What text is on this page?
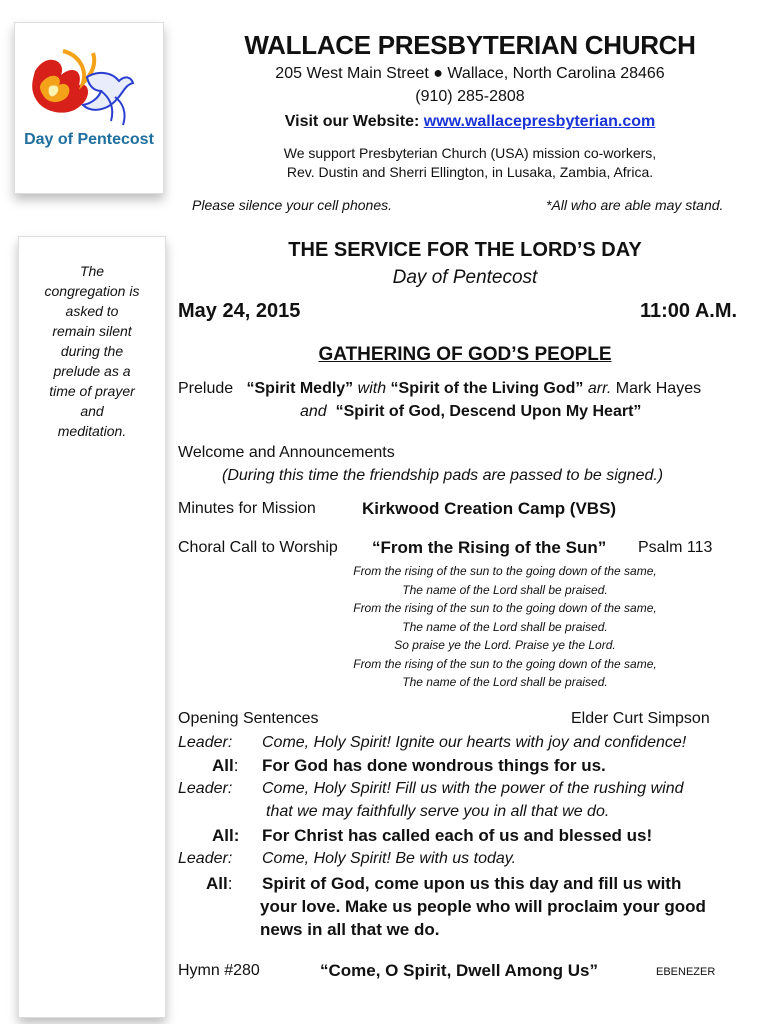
Day of Pentecost
The
congregation is
asked to
remain silent
during the
prelude as a
time of prayer
and
meditation.
WALLACE PRESBYTERIAN CHURCH
205 West Main Street ● Wallace, North Carolina 28466
(910) 285-2808
Visit our Website: www.wallacepresbyterian.com
We support Presbyterian Church (USA) mission co-workers,
Rev. Dustin and Sherri Ellington, in Lusaka, Zambia, Africa.
Please silence your cell phones.	*All who are able may stand.
THE SERVICE FOR THE LORD’S DAY
Day of Pentecost
May 24, 2015	11:00 A.M.
GATHERING OF GOD’S PEOPLE
Prelude “Spirit Medly” with “Spirit of the Living God” arr. Mark Hayes
and “Spirit of God, Descend Upon My Heart”
Welcome and Announcements
(During this time the friendship pads are passed to be signed.)
Minutes for Mission	Kirkwood Creation Camp (VBS)
Choral Call to Worship “From the Rising of the Sun” Psalm 113
From the rising of the sun to the going down of the same,
The name of the Lord shall be praised.
From the rising of the sun to the going down of the same,
The name of the Lord shall be praised.
So praise ye the Lord. Praise ye the Lord.
From the rising of the sun to the going down of the same,
The name of the Lord shall be praised.
Opening Sentences	Elder Curt Simpson
Leader: Come, Holy Spirit! Ignite our hearts with joy and confidence!
All: For God has done wondrous things for us.
Leader: Come, Holy Spirit! Fill us with the power of the rushing wind
that we may faithfully serve you in all that we do.
All: For Christ has called each of us and blessed us!
Leader: Come, Holy Spirit! Be with us today.
All: Spirit of God, come upon us this day and fill us with
your love. Make us people who will proclaim your good
news in all that we do.
Hymn #280	“Come, O Spirit, Dwell Among Us”	EBENEZER
